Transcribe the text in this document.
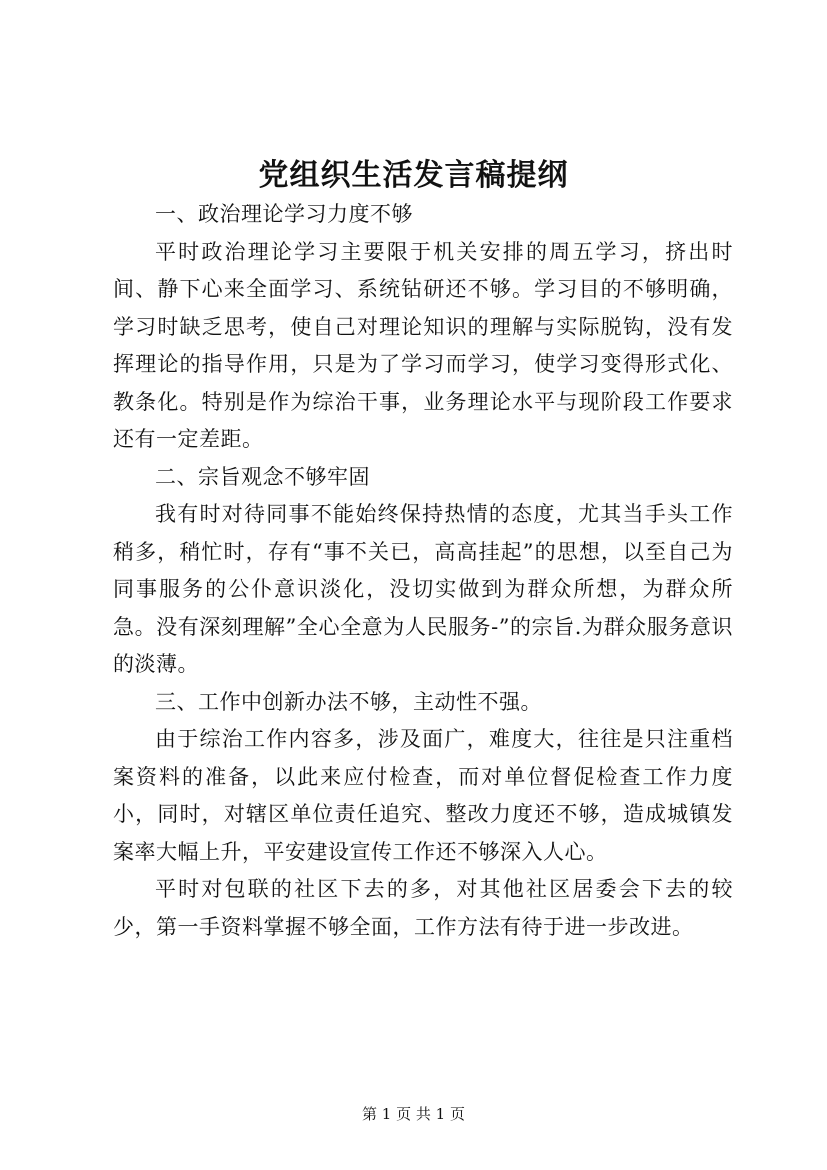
党组织生活发言稿提纲

一、政治理论学习力度不够

平时政治理论学习主要限于机关安排的周五学习，挤出时间、静下心来全面学习、系统钻研还不够。学习目的不够明确，学习时缺乏思考，使自己对理论知识的理解与实际脱钩，没有发挥理论的指导作用，只是为了学习而学习，使学习变得形式化、教条化。特别是作为综治干事，业务理论水平与现阶段工作要求还有一定差距。

二、宗旨观念不够牢固

我有时对待同事不能始终保持热情的态度，尤其当手头工作稍多，稍忙时，存有“事不关已，高高挂起”的思想，以至自己为同事服务的公仆意识淡化，没切实做到为群众所想，为群众所急。没有深刻理解”全心全意为人民服务-”的宗旨.为群众服务意识的淡薄。

三、工作中创新办法不够，主动性不强。

由于综治工作内容多，涉及面广，难度大，往往是只注重档案资料的准备，以此来应付检查，而对单位督促检查工作力度小，同时，对辖区单位责任追究、整改力度还不够，造成城镇发案率大幅上升，平安建设宣传工作还不够深入人心。

平时对包联的社区下去的多，对其他社区居委会下去的较少，第一手资料掌握不够全面，工作方法有待于进一步改进。

第 1 页 共 1 页
